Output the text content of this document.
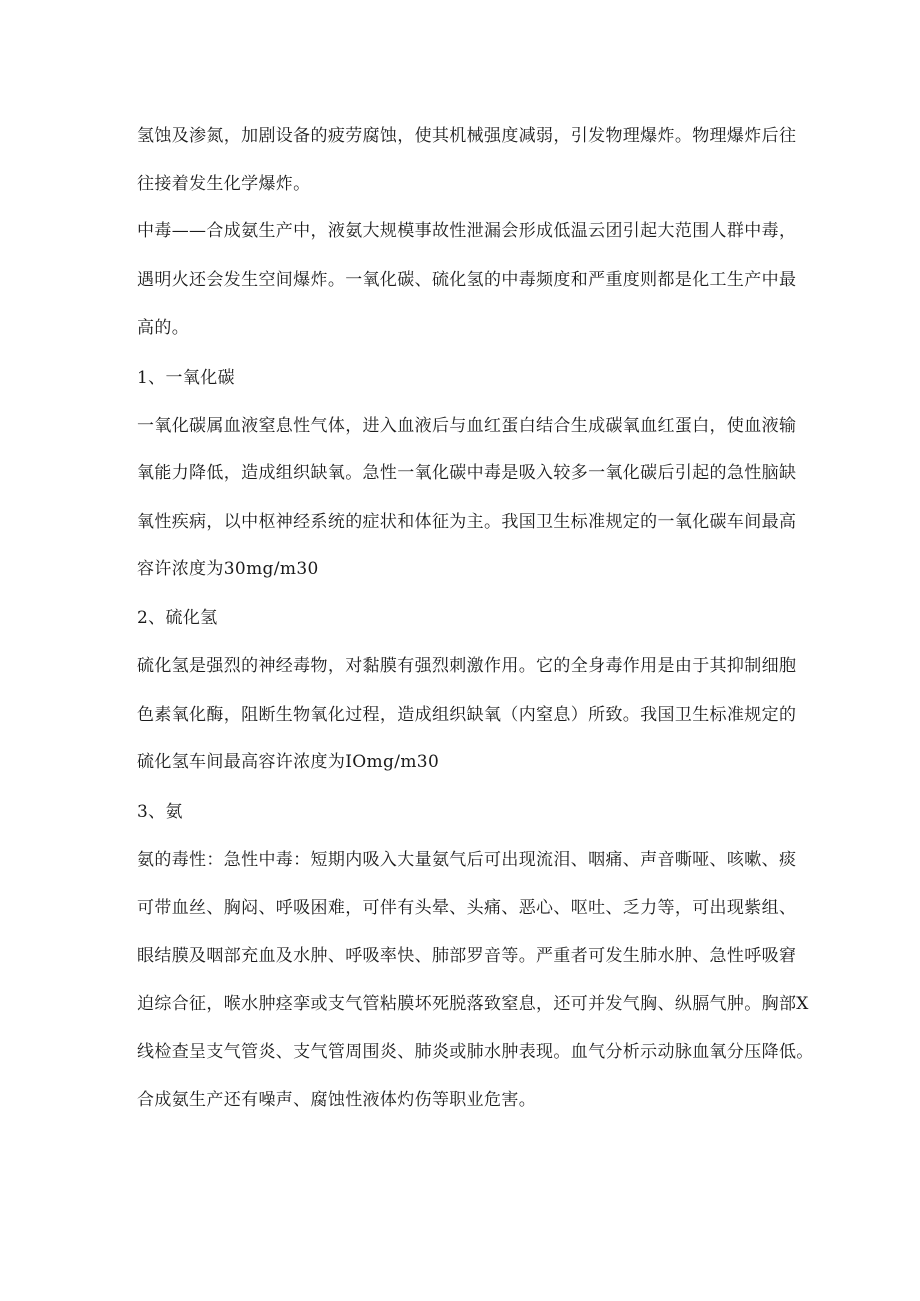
氢蚀及渗氮，加剧设备的疲劳腐蚀，使其机械强度减弱，引发物理爆炸。物理爆炸后往
往接着发生化学爆炸。
中毒——合成氨生产中，液氨大规模事故性泄漏会形成低温云团引起大范围人群中毒，
遇明火还会发生空间爆炸。一氧化碳、硫化氢的中毒频度和严重度则都是化工生产中最
高的。
1、一氧化碳
一氧化碳属血液窒息性气体，进入血液后与血红蛋白结合生成碳氧血红蛋白，使血液输
氧能力降低，造成组织缺氧。急性一氧化碳中毒是吸入较多一氧化碳后引起的急性脑缺
氧性疾病，以中枢神经系统的症状和体征为主。我国卫生标准规定的一氧化碳车间最高
容许浓度为30mg/m30
2、硫化氢
硫化氢是强烈的神经毒物，对黏膜有强烈刺激作用。它的全身毒作用是由于其抑制细胞
色素氧化酶，阻断生物氧化过程，造成组织缺氧（内窒息）所致。我国卫生标准规定的
硫化氢车间最高容许浓度为IOmg/m30
3、氨
氨的毒性：急性中毒：短期内吸入大量氨气后可出现流泪、咽痛、声音嘶哑、咳嗽、痰
可带血丝、胸闷、呼吸困难，可伴有头晕、头痛、恶心、呕吐、乏力等，可出现紫组、
眼结膜及咽部充血及水肿、呼吸率快、肺部罗音等。严重者可发生肺水肿、急性呼吸窘
迫综合征，喉水肿痉挛或支气管粘膜坏死脱落致窒息，还可并发气胸、纵膈气肿。胸部X
线检查呈支气管炎、支气管周围炎、肺炎或肺水肿表现。血气分析示动脉血氧分压降低。
合成氨生产还有噪声、腐蚀性液体灼伤等职业危害。
